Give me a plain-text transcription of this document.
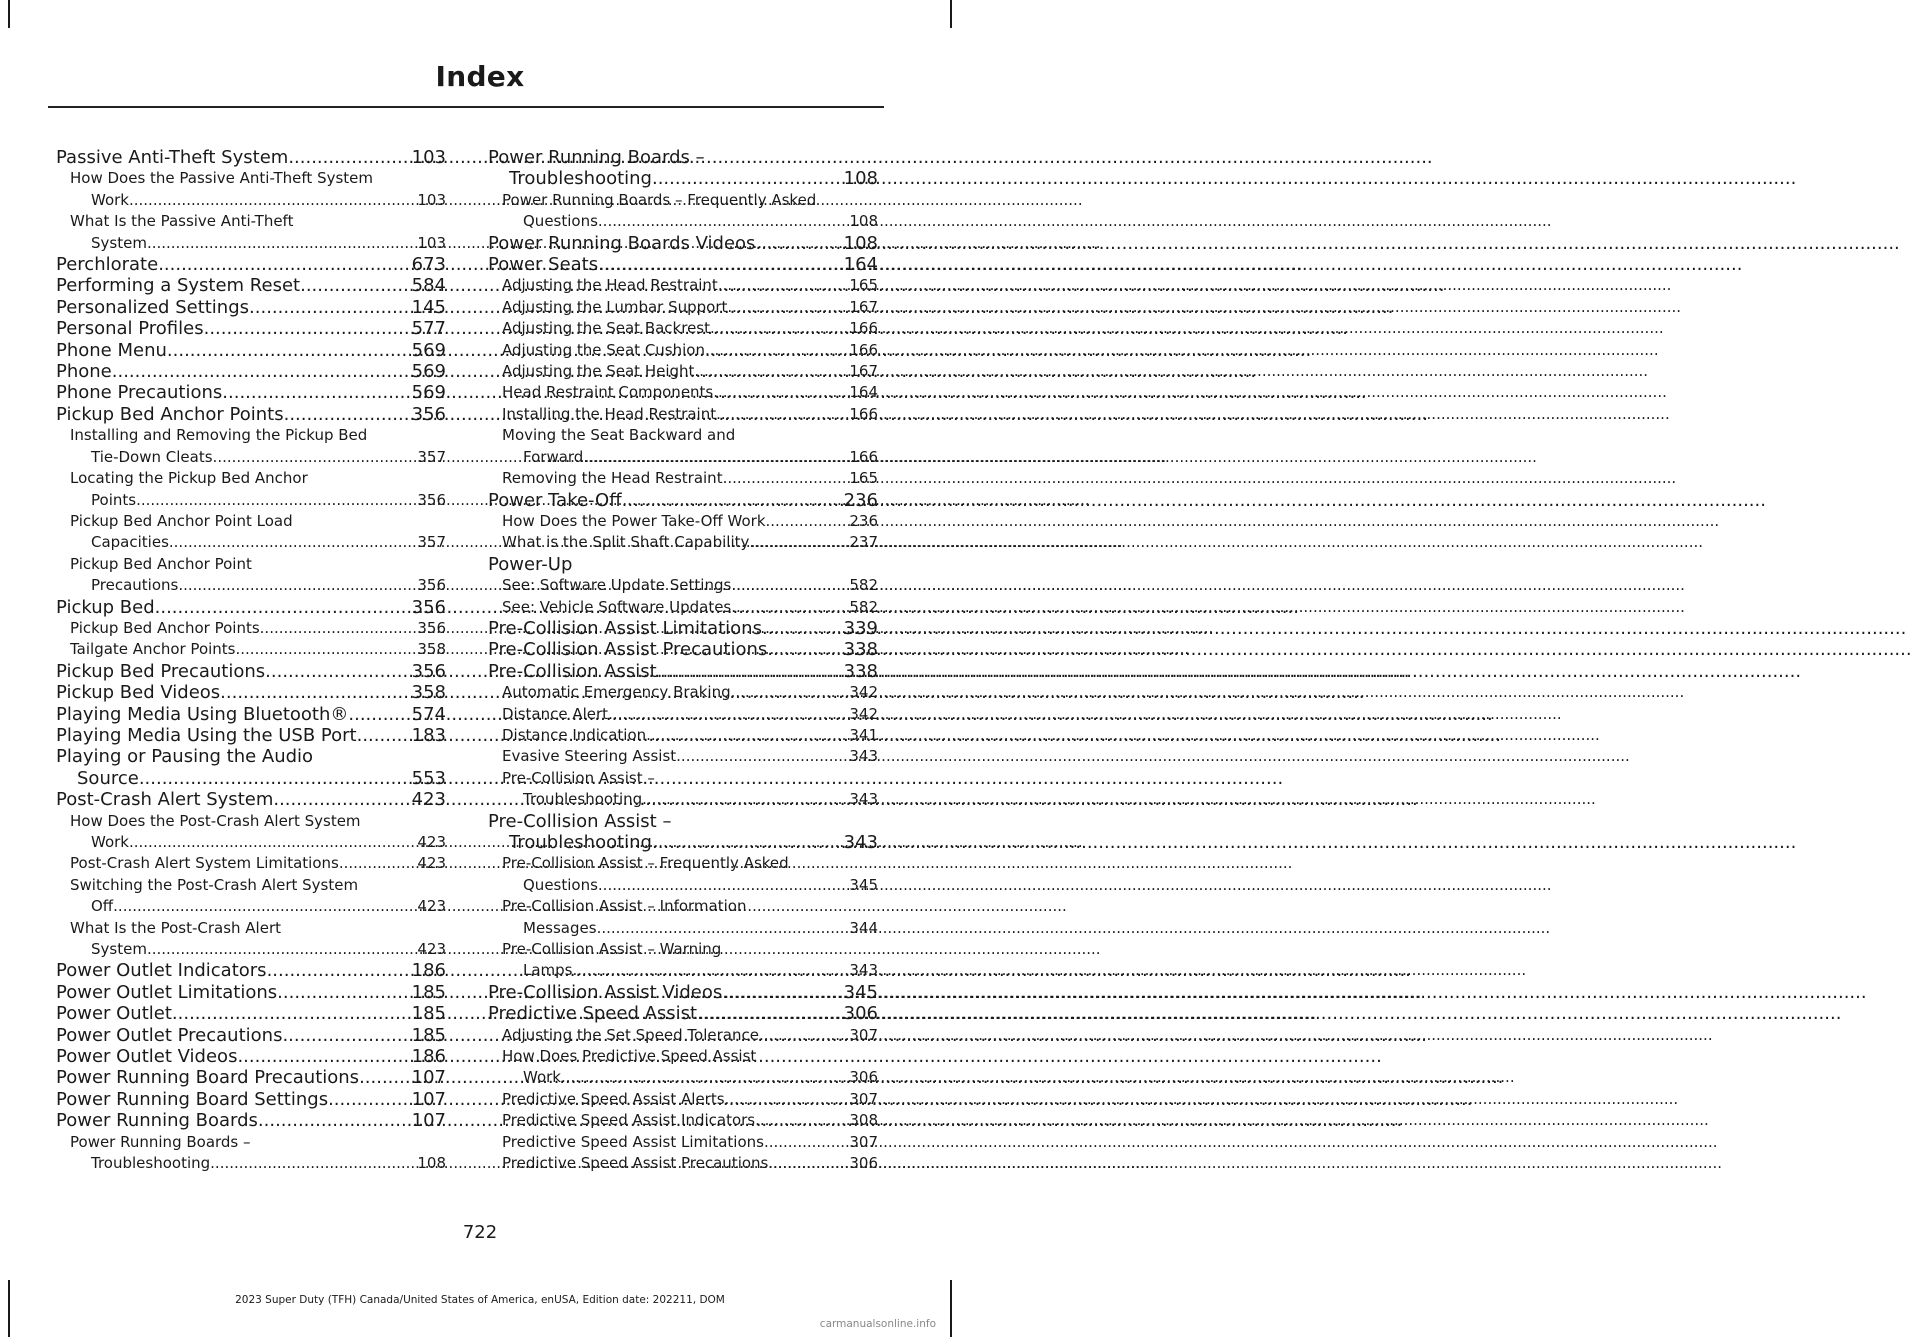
Index
Passive Anti-Theft System .....	103
How Does the Passive Anti-Theft System
Work .....	103
What Is the Passive Anti-Theft
System .....	103
Perchlorate .....	673
Performing a System Reset .....	584
Personalized Settings .....	145
Personal Profiles .....	577
Phone Menu .....	569
Phone .....	569
Phone Precautions .....	569
Pickup Bed Anchor Points .....	356
Installing and Removing the Pickup Bed
Tie-Down Cleats .....	357
Locating the Pickup Bed Anchor
Points .....	356
Pickup Bed Anchor Point Load
Capacities .....	357
Pickup Bed Anchor Point
Precautions .....	356
Pickup Bed .....	356
Pickup Bed Anchor Points .....	356
Tailgate Anchor Points .....	358
Pickup Bed Precautions .....	356
Pickup Bed Videos .....	358
Playing Media Using Bluetooth® .....	574
Playing Media Using the USB Port .....	183
Playing or Pausing the Audio
Source .....	553
Post-Crash Alert System .....	423
How Does the Post-Crash Alert System
Work .....	423
Post-Crash Alert System Limitations .....	423
Switching the Post-Crash Alert System
Off .....	423
What Is the Post-Crash Alert
System .....	423
Power Outlet Indicators .....	186
Power Outlet Limitations .....	185
Power Outlet .....	185
Power Outlet Precautions .....	185
Power Outlet Videos .....	186
Power Running Board Precautions .....	107
Power Running Board Settings .....	107
Power Running Boards .....	107
Power Running Boards –
Troubleshooting .....	108
Power Running Boards –
Troubleshooting .....	108
Power Running Boards – Frequently Asked
Questions .....	108
Power Running Boards Videos .....	108
Power Seats .....	164
Adjusting the Head Restraint .....	165
Adjusting the Lumbar Support .....	167
Adjusting the Seat Backrest .....	166
Adjusting the Seat Cushion .....	166
Adjusting the Seat Height .....	167
Head Restraint Components .....	164
Installing the Head Restraint .....	166
Moving the Seat Backward and
Forward .....	166
Removing the Head Restraint .....	165
Power Take-Off .....	236
How Does the Power Take-Off Work .....	236
What is the Split Shaft Capability .....	237
Power-Up
See: Software Update Settings .....	582
See: Vehicle Software Updates .....	582
Pre-Collision Assist Limitations .....	339
Pre-Collision Assist Precautions .....	338
Pre-Collision Assist .....	338
Automatic Emergency Braking .....	342
Distance Alert .....	342
Distance Indication .....	341
Evasive Steering Assist .....	343
Pre-Collision Assist –
Troubleshooting .....	343
Pre-Collision Assist –
Troubleshooting .....	343
Pre-Collision Assist – Frequently Asked
Questions .....	345
Pre-Collision Assist – Information
Messages .....	344
Pre-Collision Assist – Warning
Lamps .....	343
Pre-Collision Assist Videos .....	345
Predictive Speed Assist .....	306
Adjusting the Set Speed Tolerance .....	307
How Does Predictive Speed Assist
Work .....	306
Predictive Speed Assist Alerts .....	307
Predictive Speed Assist Indicators .....	308
Predictive Speed Assist Limitations .....	307
Predictive Speed Assist Precautions .....	306
722
2023 Super Duty (TFH) Canada/United States of America, enUSA, Edition date: 202211, DOM
carmanualsonline.info
